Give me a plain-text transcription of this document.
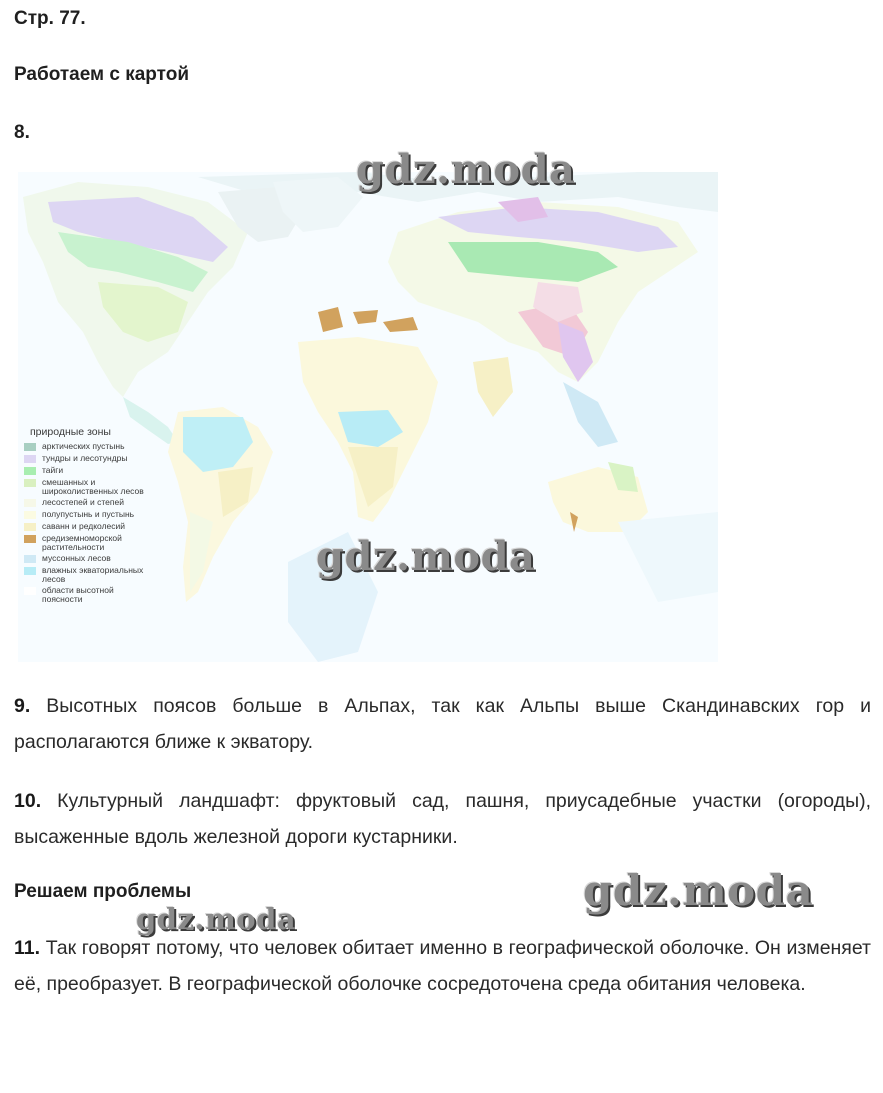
Стр. 77.
Работаем с картой
8.
природные зоны
арктических пустынь
тундры и лесотундры
тайги
смешанных и широколиственных лесов
лесостепей и степей
полупустынь и пустынь
саванн и редколесий
средиземноморской растительности
муссонных лесов
влажных экваториальных лесов
области высотной поясности
gdz.moda
gdz.moda
9. Высотных поясов больше в Альпах, так как Альпы выше Скандинавских гор и располагаются ближе к экватору.
10. Культурный ландшафт: фруктовый сад, пашня, приусадебные участки (огороды), высаженные вдоль железной дороги кустарники.
Решаем проблемы	gdz.moda
gdz.moda
11. Так говорят потому, что человек обитает именно в географической оболочке. Он изменяет её, преобразует. В географической оболочке сосредоточена среда обитания человека.
